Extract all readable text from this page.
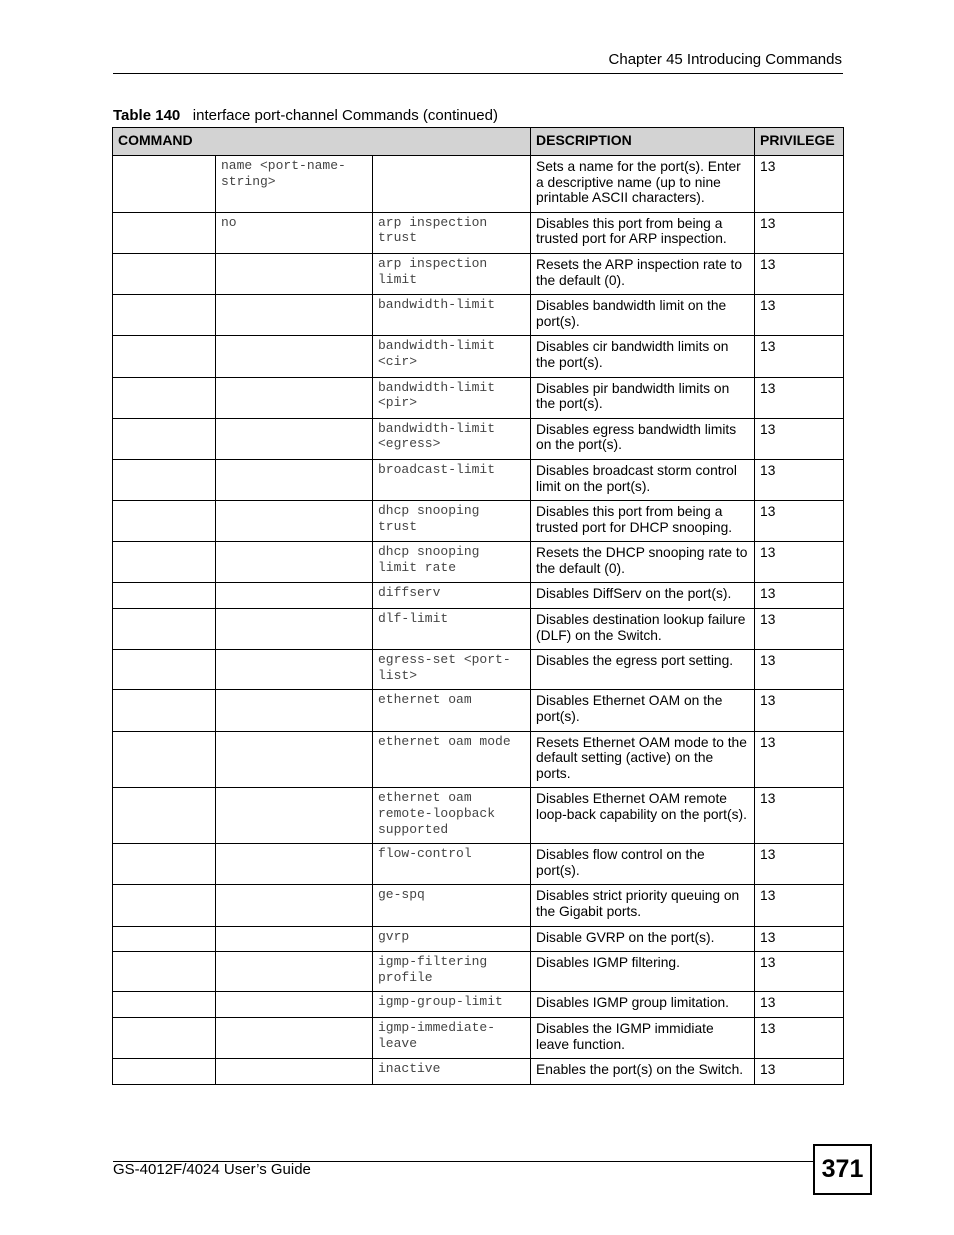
Chapter 45 Introducing Commands
Table 140 interface port-channel Commands (continued)
COMMAND			DESCRIPTION	PRIVILEGE
	name <port-name-string>		Sets a name for the port(s). Enter a descriptive name (up to nine printable ASCII characters).	13
	no	arp inspection trust	Disables this port from being a trusted port for ARP inspection.	13
		arp inspection limit	Resets the ARP inspection rate to the default (0).	13
		bandwidth-limit	Disables bandwidth limit on the port(s).	13
		bandwidth-limit <cir>	Disables cir bandwidth limits on the port(s).	13
		bandwidth-limit <pir>	Disables pir bandwidth limits on the port(s).	13
		bandwidth-limit <egress>	Disables egress bandwidth limits on the port(s).	13
		broadcast-limit	Disables broadcast storm control limit on the port(s).	13
		dhcp snooping trust	Disables this port from being a trusted port for DHCP snooping.	13
		dhcp snooping limit rate	Resets the DHCP snooping rate to the default (0).	13
		diffserv	Disables DiffServ on the port(s).	13
		dlf-limit	Disables destination lookup failure (DLF) on the Switch.	13
		egress-set <port-list>	Disables the egress port setting.	13
		ethernet oam	Disables Ethernet OAM on the port(s).	13
		ethernet oam mode	Resets Ethernet OAM mode to the default setting (active) on the ports.	13
		ethernet oam remote-loopback supported	Disables Ethernet OAM remote loop-back capability on the port(s).	13
		flow-control	Disables flow control on the port(s).	13
		ge-spq	Disables strict priority queuing on the Gigabit ports.	13
		gvrp	Disable GVRP on the port(s).	13
		igmp-filtering profile	Disables IGMP filtering.	13
		igmp-group-limit	Disables IGMP group limitation.	13
		igmp-immediate-leave	Disables the IGMP immidiate leave function.	13
		inactive	Enables the port(s) on the Switch.	13
GS-4012F/4024 User’s Guide	371
